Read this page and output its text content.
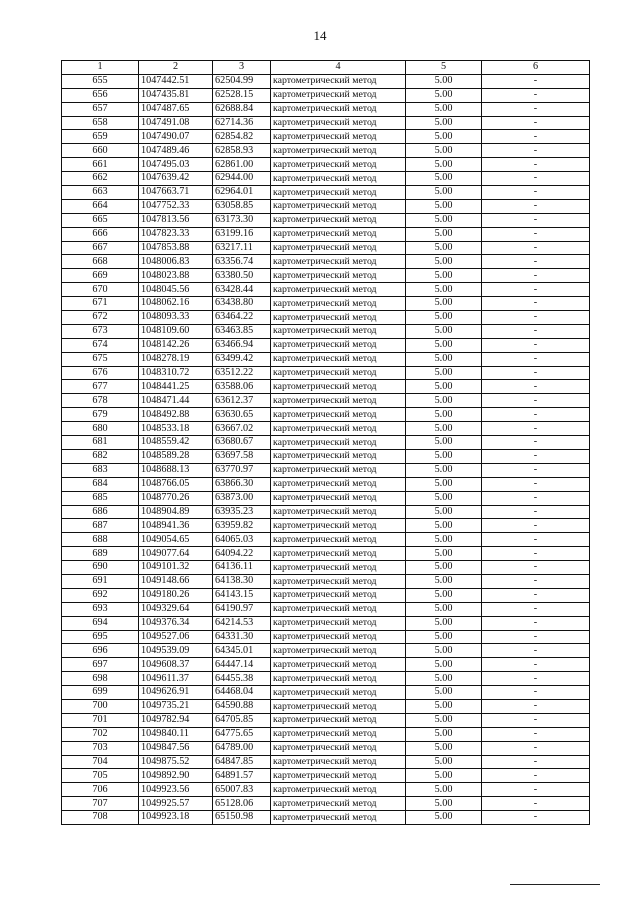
14
1	2	3	4	5	6
655	1047442.51	62504.99	картометрический метод	5.00	-
656	1047435.81	62528.15	картометрический метод	5.00	-
657	1047487.65	62688.84	картометрический метод	5.00	-
658	1047491.08	62714.36	картометрический метод	5.00	-
659	1047490.07	62854.82	картометрический метод	5.00	-
660	1047489.46	62858.93	картометрический метод	5.00	-
661	1047495.03	62861.00	картометрический метод	5.00	-
662	1047639.42	62944.00	картометрический метод	5.00	-
663	1047663.71	62964.01	картометрический метод	5.00	-
664	1047752.33	63058.85	картометрический метод	5.00	-
665	1047813.56	63173.30	картометрический метод	5.00	-
666	1047823.33	63199.16	картометрический метод	5.00	-
667	1047853.88	63217.11	картометрический метод	5.00	-
668	1048006.83	63356.74	картометрический метод	5.00	-
669	1048023.88	63380.50	картометрический метод	5.00	-
670	1048045.56	63428.44	картометрический метод	5.00	-
671	1048062.16	63438.80	картометрический метод	5.00	-
672	1048093.33	63464.22	картометрический метод	5.00	-
673	1048109.60	63463.85	картометрический метод	5.00	-
674	1048142.26	63466.94	картометрический метод	5.00	-
675	1048278.19	63499.42	картометрический метод	5.00	-
676	1048310.72	63512.22	картометрический метод	5.00	-
677	1048441.25	63588.06	картометрический метод	5.00	-
678	1048471.44	63612.37	картометрический метод	5.00	-
679	1048492.88	63630.65	картометрический метод	5.00	-
680	1048533.18	63667.02	картометрический метод	5.00	-
681	1048559.42	63680.67	картометрический метод	5.00	-
682	1048589.28	63697.58	картометрический метод	5.00	-
683	1048688.13	63770.97	картометрический метод	5.00	-
684	1048766.05	63866.30	картометрический метод	5.00	-
685	1048770.26	63873.00	картометрический метод	5.00	-
686	1048904.89	63935.23	картометрический метод	5.00	-
687	1048941.36	63959.82	картометрический метод	5.00	-
688	1049054.65	64065.03	картометрический метод	5.00	-
689	1049077.64	64094.22	картометрический метод	5.00	-
690	1049101.32	64136.11	картометрический метод	5.00	-
691	1049148.66	64138.30	картометрический метод	5.00	-
692	1049180.26	64143.15	картометрический метод	5.00	-
693	1049329.64	64190.97	картометрический метод	5.00	-
694	1049376.34	64214.53	картометрический метод	5.00	-
695	1049527.06	64331.30	картометрический метод	5.00	-
696	1049539.09	64345.01	картометрический метод	5.00	-
697	1049608.37	64447.14	картометрический метод	5.00	-
698	1049611.37	64455.38	картометрический метод	5.00	-
699	1049626.91	64468.04	картометрический метод	5.00	-
700	1049735.21	64590.88	картометрический метод	5.00	-
701	1049782.94	64705.85	картометрический метод	5.00	-
702	1049840.11	64775.65	картометрический метод	5.00	-
703	1049847.56	64789.00	картометрический метод	5.00	-
704	1049875.52	64847.85	картометрический метод	5.00	-
705	1049892.90	64891.57	картометрический метод	5.00	-
706	1049923.56	65007.83	картометрический метод	5.00	-
707	1049925.57	65128.06	картометрический метод	5.00	-
708	1049923.18	65150.98	картометрический метод	5.00	-
